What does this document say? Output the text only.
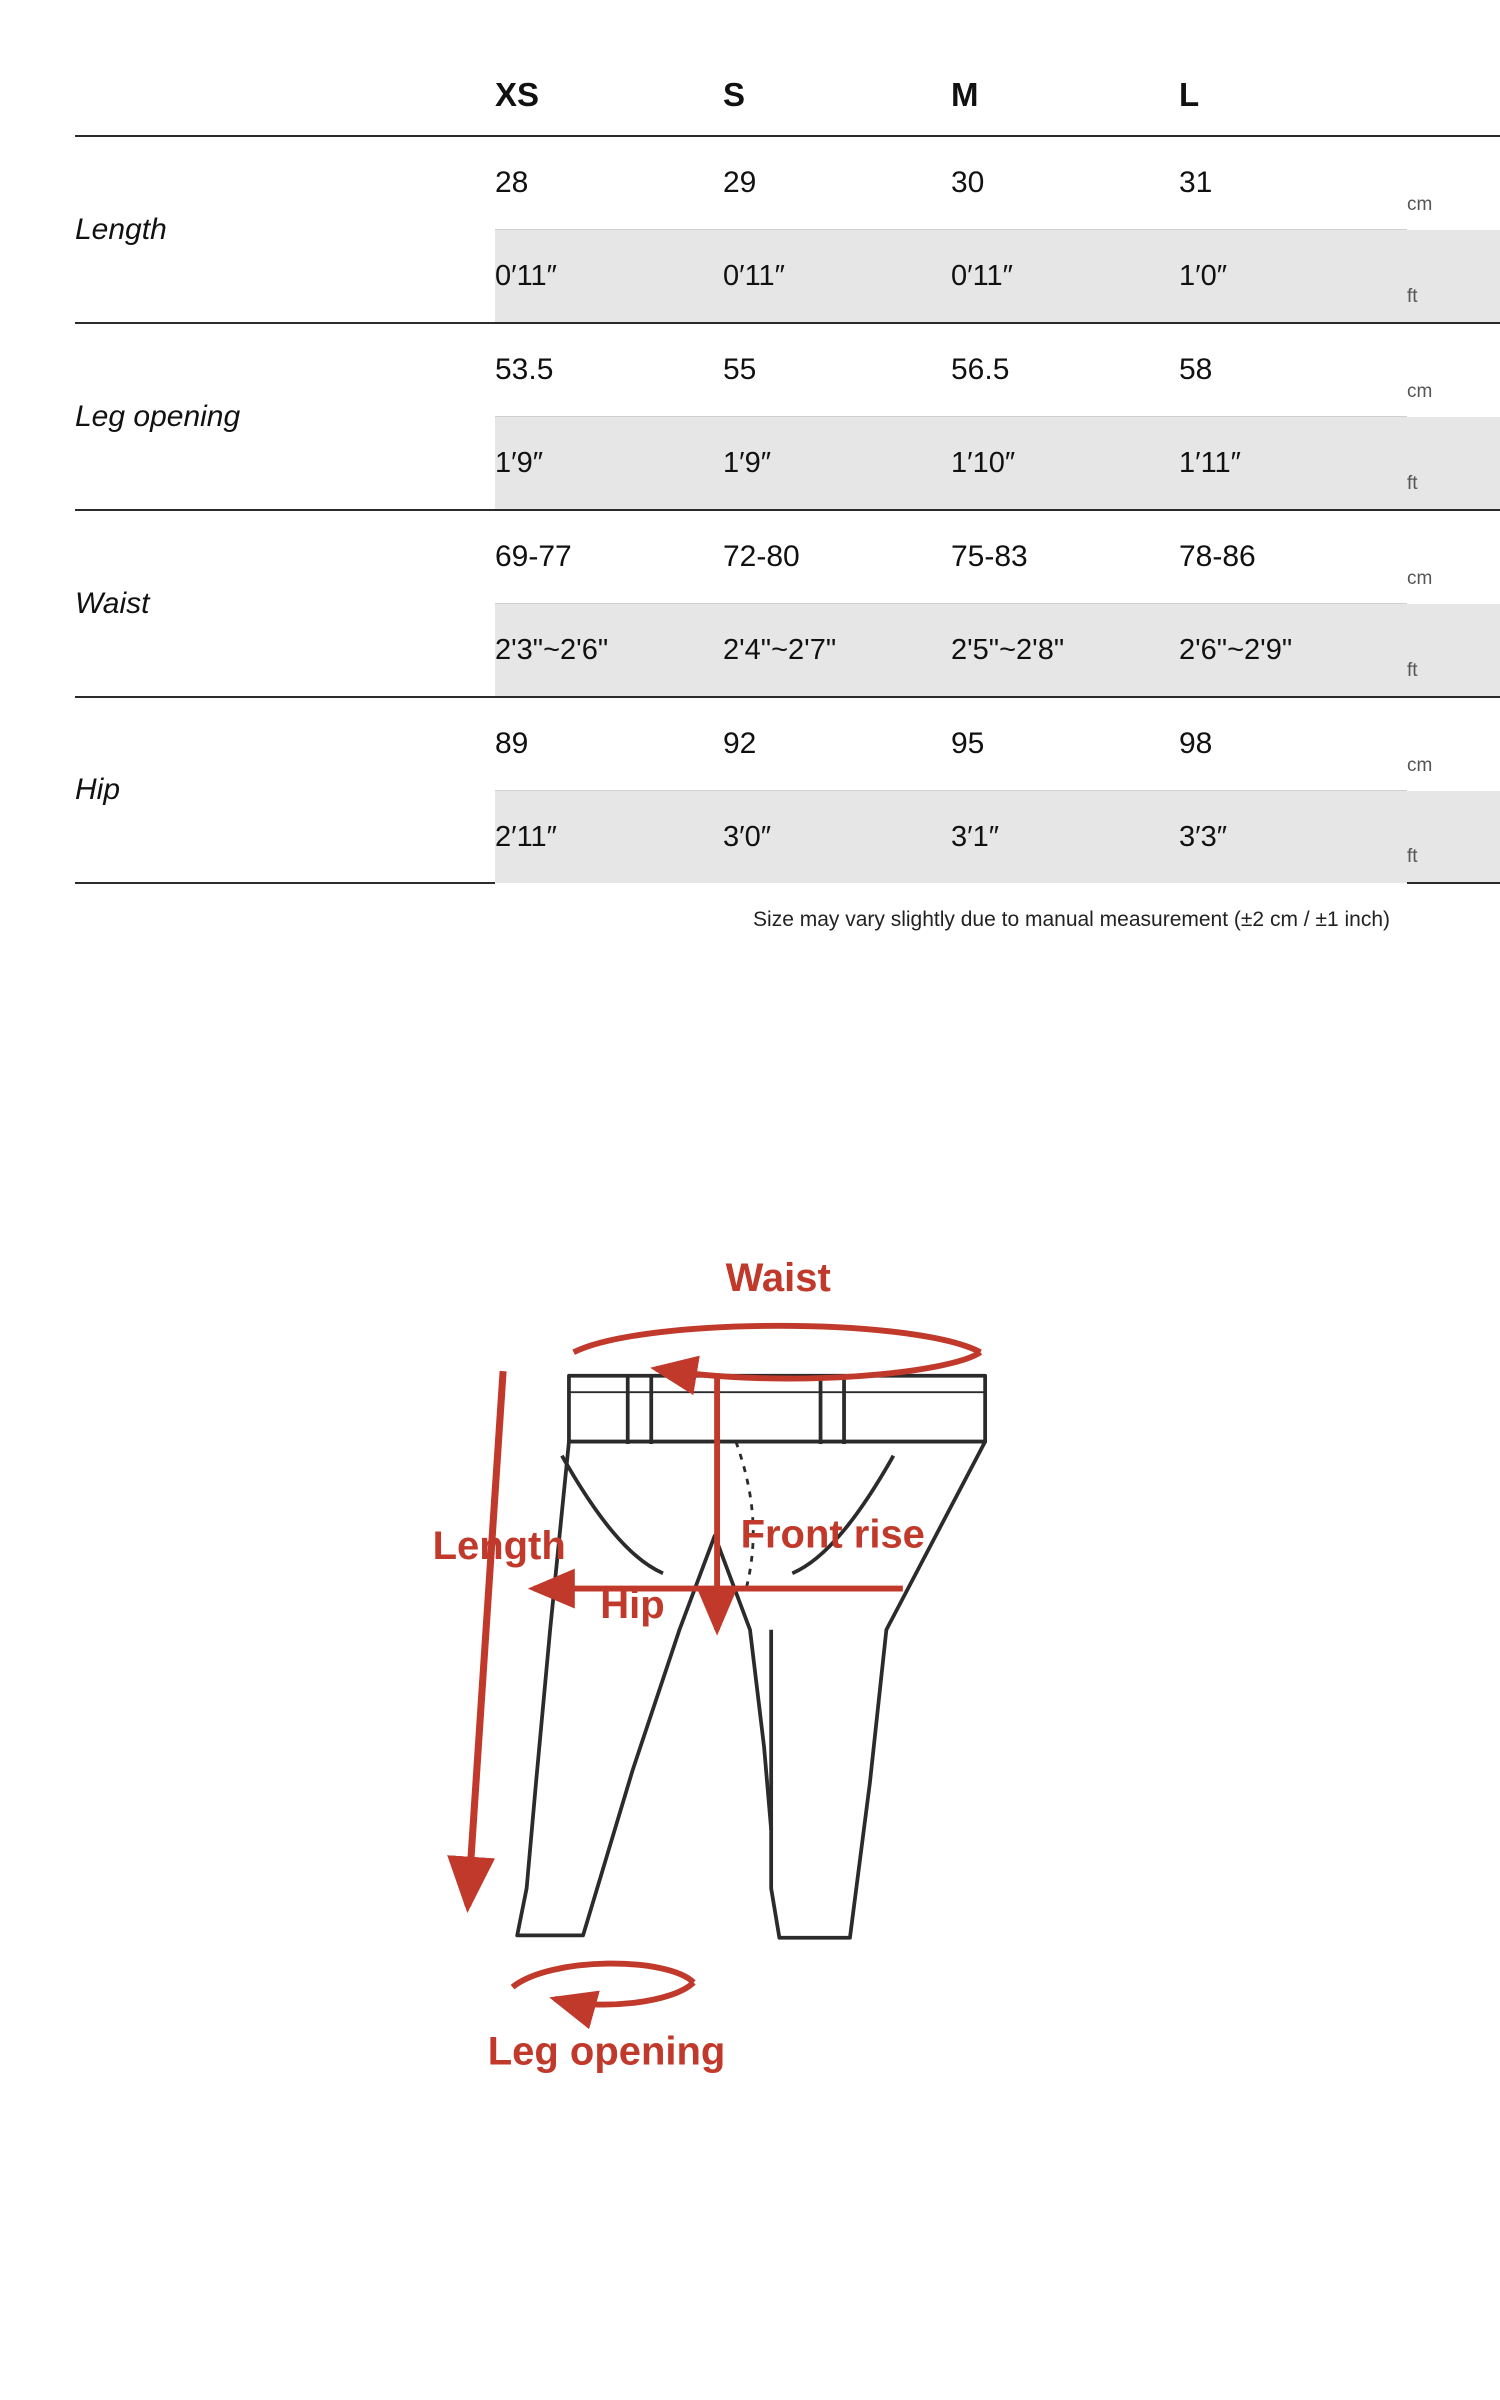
	XS	S	M	L	
Length	28	29	30	31	cm
	0′11″	0′11″	0′11″	1′0″	ft
Leg opening	53.5	55	56.5	58	cm
	1′9″	1′9″	1′10″	1′11″	ft
Waist	69-77	72-80	75-83	78-86	cm
	2'3"~2'6"	2'4"~2'7"	2'5"~2'8"	2'6"~2'9"	ft
Hip	89	92	95	98	cm
	2′11″	3′0″	3′1″	3′3″	ft
Size may vary slightly due to manual measurement (±2 cm / ±1 inch)
Waist
Length	Front rise
Hip
Leg opening
